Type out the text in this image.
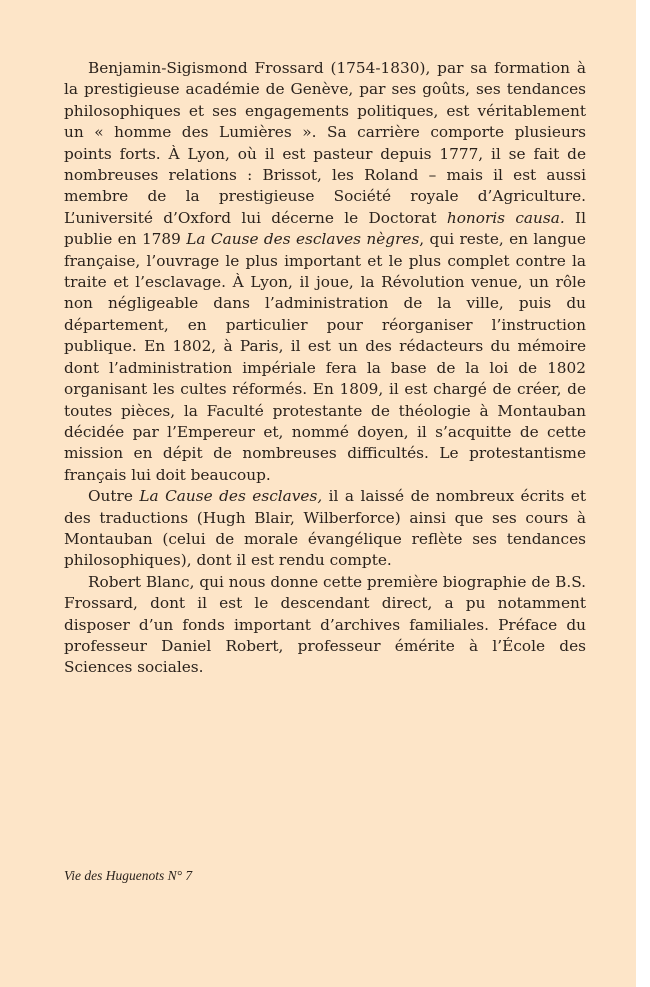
Benjamin-Sigismond Frossard (1754-1830), par sa formation à la prestigieuse académie de Genève, par ses goûts, ses tendances philosophiques et ses engagements politiques, est véritablement un « homme des Lumières ». Sa carrière comporte plusieurs points forts. À Lyon, où il est pasteur depuis 1777, il se fait de nombreuses relations : Brissot, les Roland – mais il est aussi membre de la prestigieuse Société royale d’Agriculture. L’université d’Oxford lui décerne le Doctorat honoris causa. Il publie en 1789 La Cause des esclaves nègres, qui reste, en langue française, l’ouvrage le plus important et le plus complet contre la traite et l’esclavage. À Lyon, il joue, la Révolution venue, un rôle non négligeable dans l’administration de la ville, puis du département, en particulier pour réorganiser l’instruction publique. En 1802, à Paris, il est un des rédacteurs du mémoire dont l’administration impériale fera la base de la loi de 1802 organisant les cultes réformés. En 1809, il est chargé de créer, de toutes pièces, la Faculté protestante de théologie à Montauban décidée par l’Empereur et, nommé doyen, il s’acquitte de cette mission en dépit de nombreuses difficultés. Le protestantisme français lui doit beaucoup.

Outre La Cause des esclaves, il a laissé de nombreux écrits et des traductions (Hugh Blair, Wilberforce) ainsi que ses cours à Montauban (celui de morale évangélique reflète ses tendances philosophiques), dont il est rendu compte.

Robert Blanc, qui nous donne cette première biographie de B.S. Frossard, dont il est le descendant direct, a pu notamment disposer d’un fonds important d’archives familiales. Préface du professeur Daniel Robert, professeur émérite à l’École des Sciences sociales.

Vie des Huguenots N° 7
